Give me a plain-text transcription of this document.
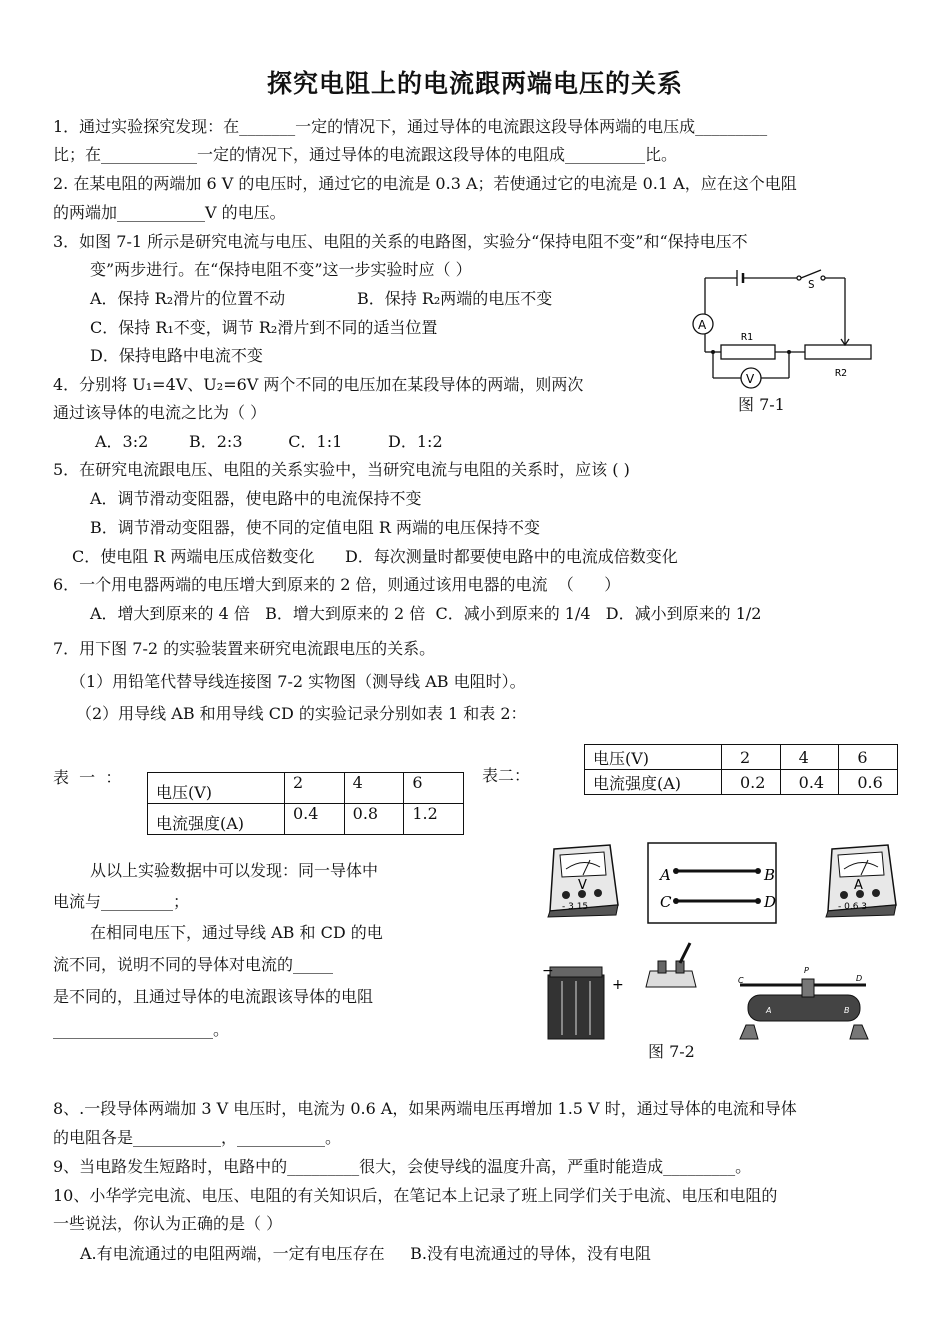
探究电阻上的电流跟两端电压的关系
1．通过实验探究发现：在_______一定的情况下，通过导体的电流跟这段导体两端的电压成_________
比；在____________一定的情况下，通过导体的电流跟这段导体的电阻成__________比。
2. 在某电阻的两端加 6 V 的电压时，通过它的电流是 0.3 A；若使通过它的电流是 0.1 A，应在这个电阻
的两端加___________V 的电压。
3．如图 7-1 所示是研究电流与电压、电阻的关系的电路图，实验分“保持电阻不变”和“保持电压不
变”两步进行。在“保持电阻不变”这一步实验时应（ ）
A．保持 R₂滑片的位置不动	B．保持 R₂两端的电压不变
C．保持 R₁不变，调节 R₂滑片到不同的适当位置
D．保持电路中电流不变
S
A
V
R1
R2
图 7-1
4．分别将 U₁=4V、U₂=6V 两个不同的电压加在某段导体的两端，则两次
通过该导体的电流之比为（ ）
A．3:2        B．2:3         C．1:1         D．1:2
5．在研究电流跟电压、电阻的关系实验中，当研究电流与电阻的关系时，应该 ( )
A．调节滑动变阻器，使电路中的电流保持不变
B．调节滑动变阻器，使不同的定值电阻 R 两端的电压保持不变
C．使电阻 R 两端电压成倍数变化      D．每次测量时都要使电路中的电流成倍数变化
6．一个用电器两端的电压增大到原来的 2 倍，则通过该用电器的电流  （      ）
A．增大到原来的 4 倍   B．增大到原来的 2 倍  C．减小到原来的 1/4   D．减小到原来的 1/2
7．用下图 7-2 的实验装置来研究电流跟电压的关系。
（1）用铅笔代替导线连接图 7-2 实物图（测导线 AB 电阻时）。
（2）用导线 AB 和用导线 CD 的实验记录分别如表 1 和表 2：
表  一  ：
电压(V)	2	4	6
电流强度(A)	0.4	0.8	1.2
表二：
电压(V)	2	4	6
电流强度(A)	0.2	0.4	0.6
从以上实验数据中可以发现：同一导体中
电流与_________；
在相同电压下，通过导线 AB 和 CD 的电
流不同，说明不同的导体对电流的_____
是不同的，且通过导体的电流跟该导体的电阻
____________________。
V
- 3 15
A	B
C	D
A
- 0.6 3
−
+	C
P
D
A	B
图 7-2
8、.一段导体两端加 3 V 电压时，电流为 0.6 A，如果两端电压再增加 1.5 V 时，通过导体的电流和导体
的电阻各是___________，___________。
9、当电路发生短路时，电路中的_________很大，会使导线的温度升高，严重时能造成_________。
10、小华学完电流、电压、电阻的有关知识后，在笔记本上记录了班上同学们关于电流、电压和电阻的
一些说法，你认为正确的是（ ）
A.有电流通过的电阻两端，一定有电压存在     B.没有电流通过的导体，没有电阻
